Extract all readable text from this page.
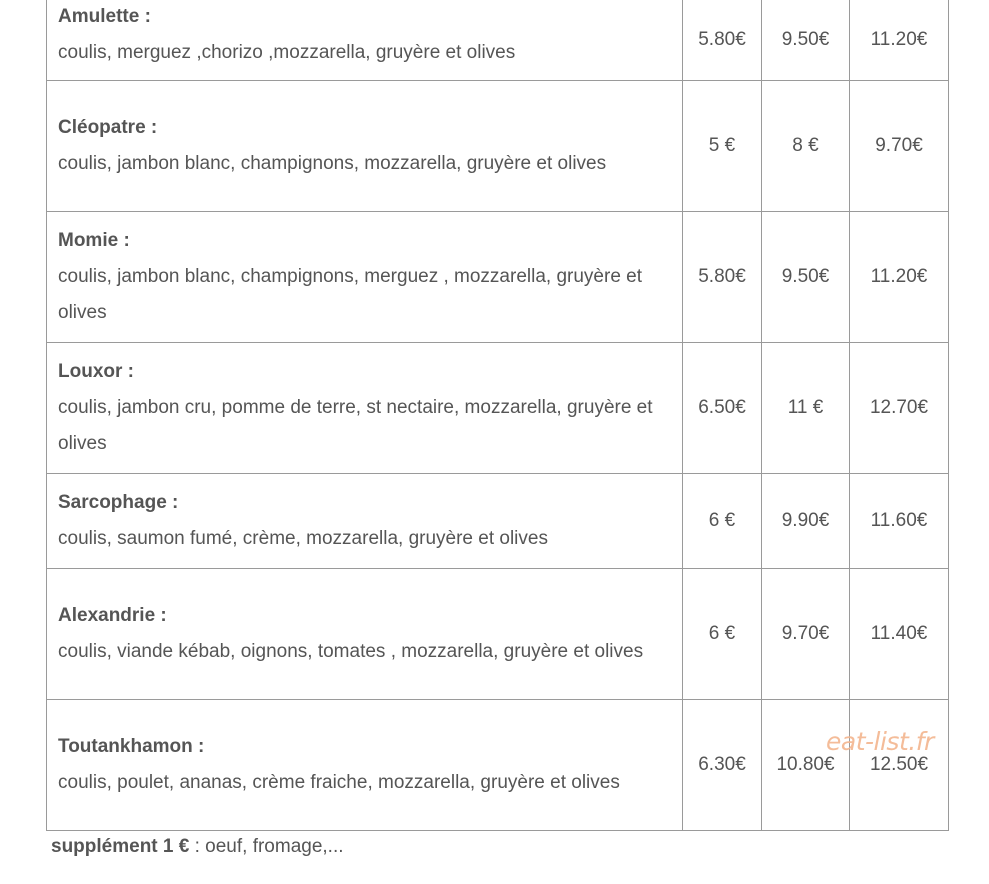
Amulette :
coulis, merguez ,chorizo ,mozzarella, gruyère et olives	5.80€	9.50€	11.20€

Cléopatre :
coulis, jambon blanc, champignons, mozzarella, gruyère et olives	5 €	8 €	9.70€

Momie :
coulis, jambon blanc, champignons, merguez , mozzarella, gruyère et olives	5.80€	9.50€	11.20€

Louxor :
coulis, jambon cru, pomme de terre, st nectaire, mozzarella, gruyère et olives	6.50€	11 €	12.70€

Sarcophage :
coulis, saumon fumé, crème, mozzarella, gruyère et olives	6 €	9.90€	11.60€

Alexandrie :
coulis, viande kébab, oignons, tomates , mozzarella, gruyère et olives	6 €	9.70€	11.40€

Toutankhamon :
coulis, poulet, ananas, crème fraiche, mozzarella, gruyère et olives	6.30€	10.80€	12.50€
eat-list.fr
supplément 1 € : oeuf, fromage,...
